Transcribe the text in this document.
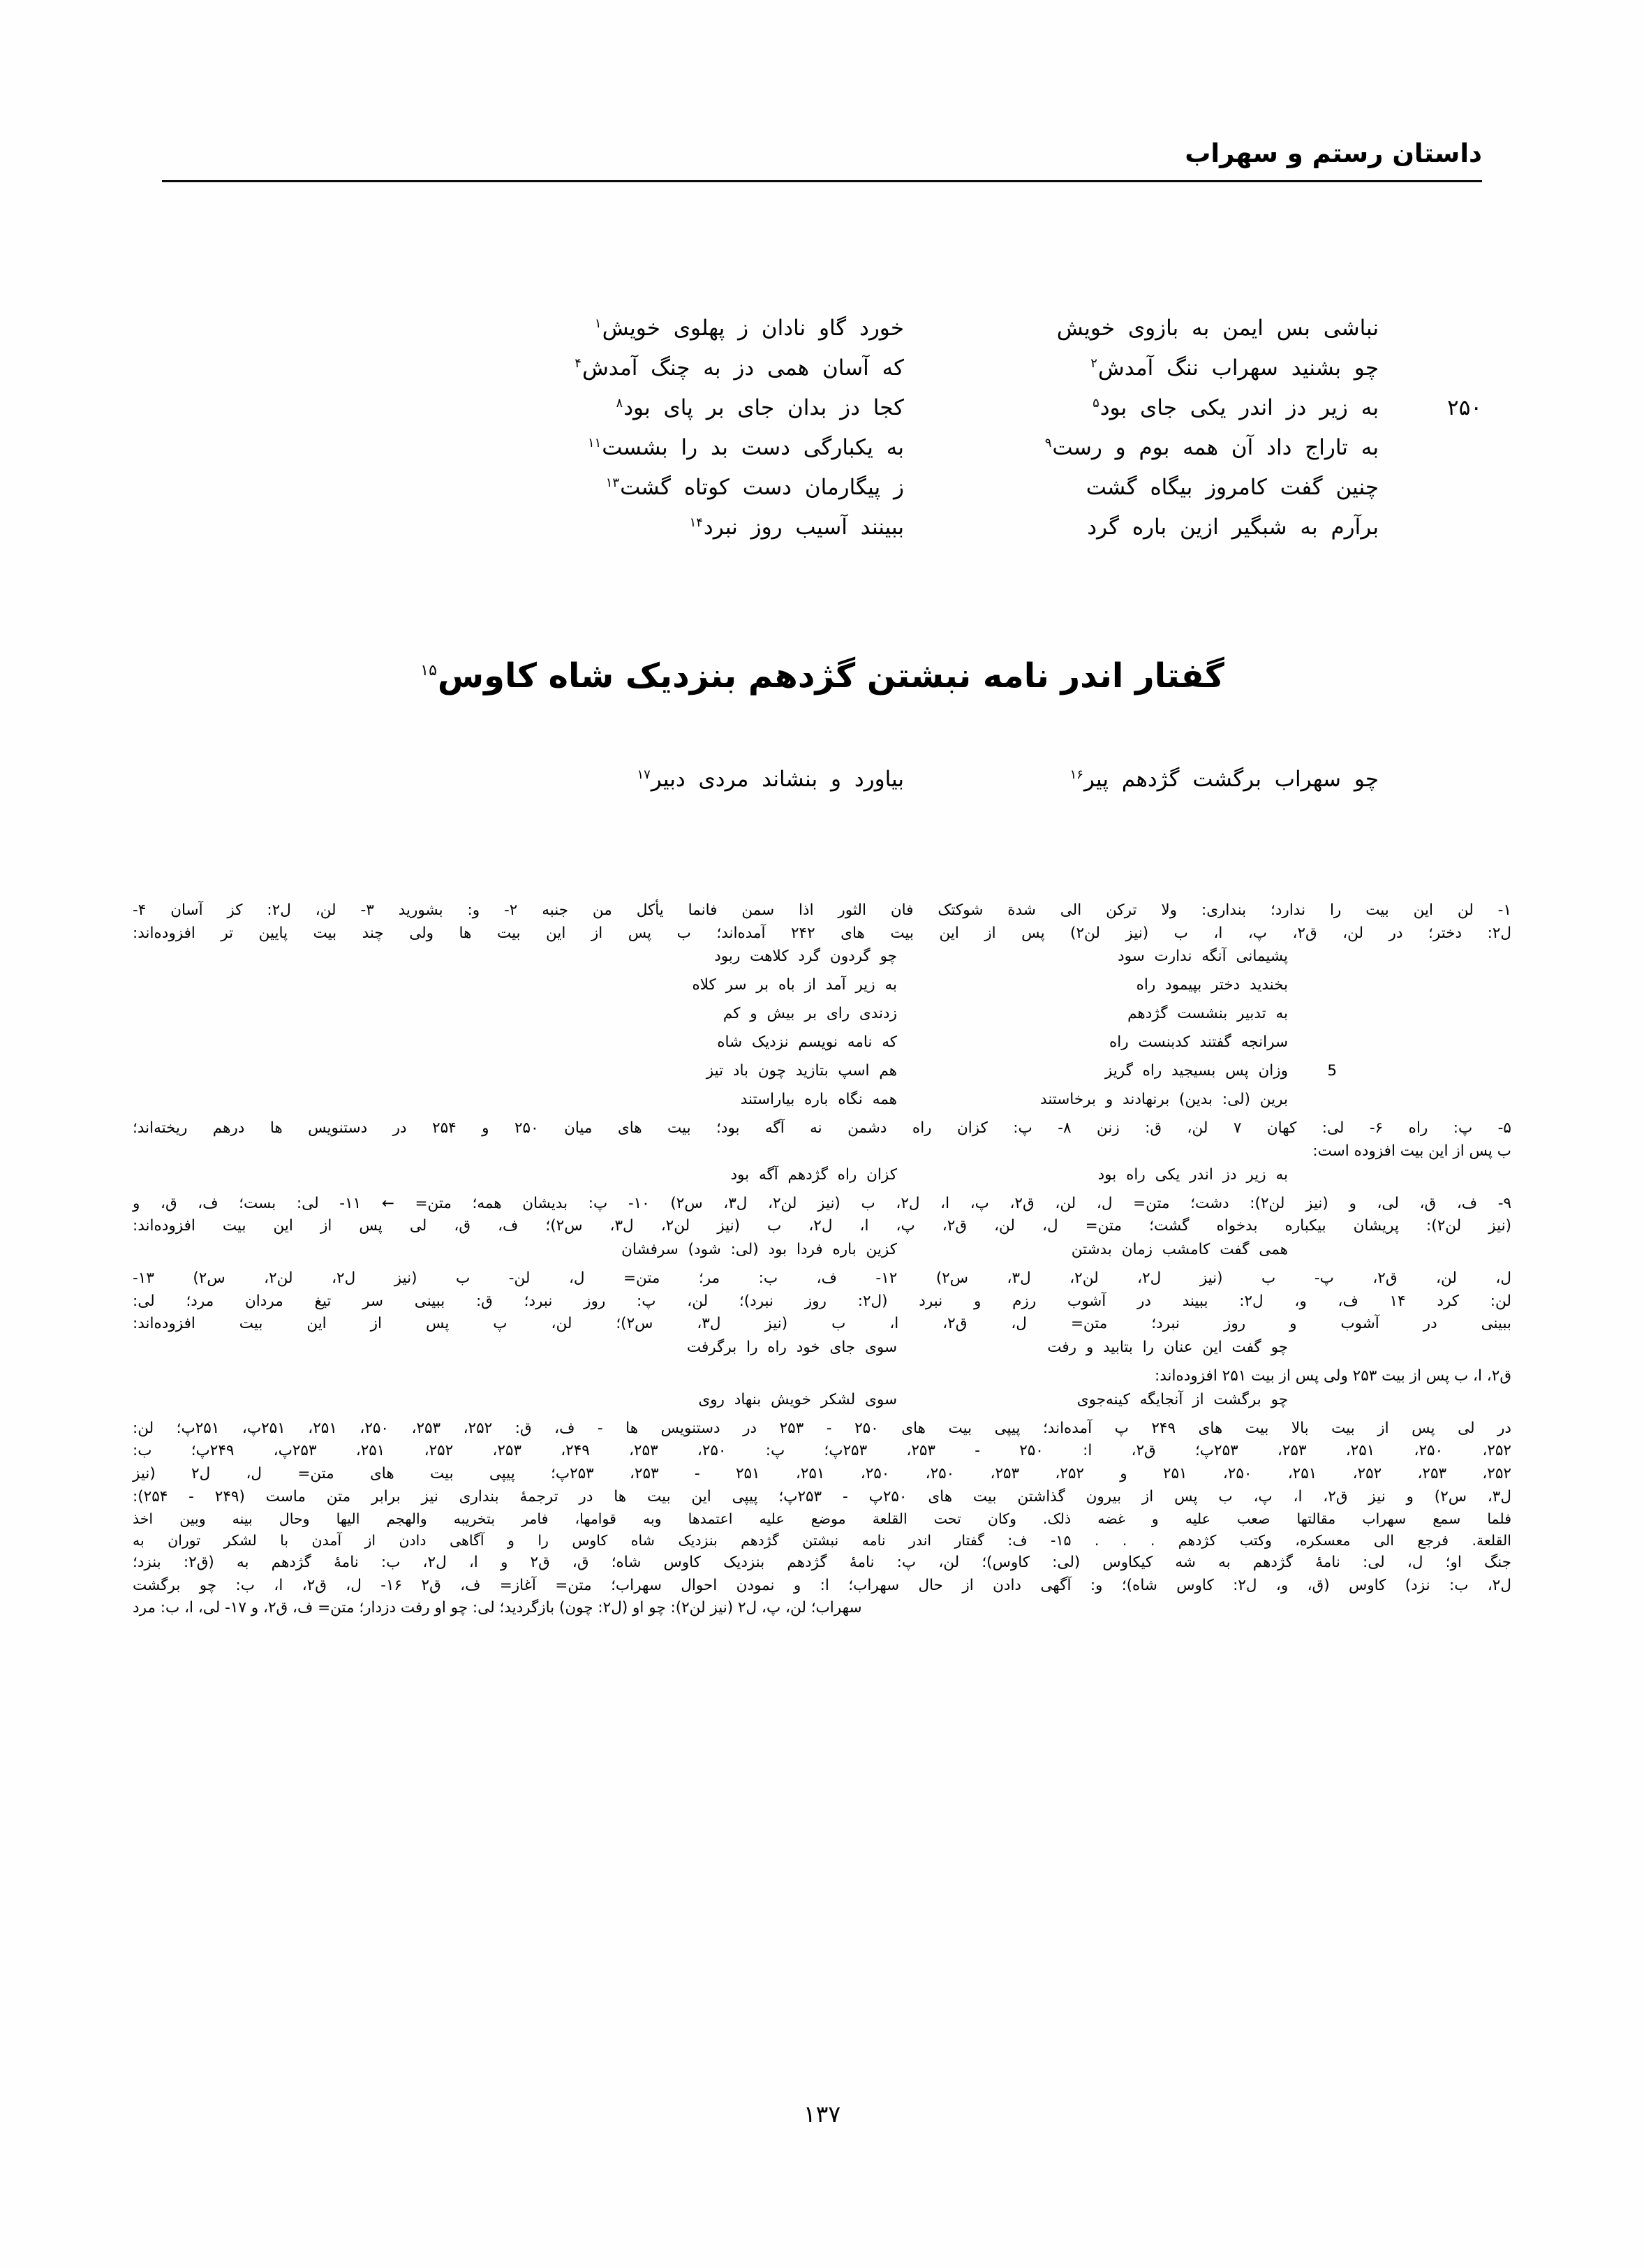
داستان رستم و سهراب
نباشی بس ایمن به بازوی خویش
خورد گاو نادان ز پهلوی خویش$^۱$
چو بشنید سهراب ننگ آمدش$^۲$
که آسان همی دز به چنگ آمدش$^۴$
۲۵۰
به زیر دز اندر یکی جای بود$^۵$
کجا دز بدان جای بر پای بود$^۸$
به تاراج داد آن همه بوم و رست$^۹$
به یکبارگی دست بد را بشست$^{۱۱}$
چنین گفت کامروز بیگاه گشت
ز پیگارمان دست کوتاه گشت$^{۱۳}$
برآرم به شبگیر ازین باره گرد
ببینند آسیب روز نبرد$^{۱۴}$
گفتار اندر نامه نبشتن گژدهم بنزدیک شاه کاوس$^{۱۵}$
چو سهراب برگشت گژدهم پیر$^{۱۶}$
بیاورد و بنشاند مردی دبیر$^{۱۷}$
۱- لن این بیت را ندارد؛ بنداری: ولا ترکن الی شدة شوکتک فان الثور اذا سمن فانما یأکل من جنبه ۲- و: بشورید ۳- لن، ل۲: کز آسان ۴-
ل۲: دختر؛ در لن، ق۲، پ، ا، ب (نیز لن۲) پس از این بیت های ۲۴۲ آمده‌اند؛ ب پس از این بیت ها ولی چند بیت پایین تر افزوده‌اند:
پشیمانی آنگه ندارت سود
چو گردون گرد کلاهت ربود
بخندید دختر بپیمود راه
به زیر آمد از باه بر سر کلاه
به تدبیر بنشست گژدهم
زدندی رای بر بیش و کم
سرانجه گفتند کدبنست راه
که نامه نویسم نزدیک شاه
5
وزان پس بسیجید راه گریز
هم اسپ بتازید چون باد تیز
برین (لی: بدین) برنهادند و برخاستند
همه نگاه باره بیاراستند
۵- پ: راه ۶- لی: کهان ۷ لن، ق: زنن ۸- پ: کزان راه دشمن نه آگه بود؛ بیت های میان ۲۵۰ و ۲۵۴ در دستنویس ها درهم ریخته‌اند؛
ب پس از این بیت افزوده است:
به زیر دز اندر یکی راه بود
کزان راه گژدهم آگه بود
۹- ف، ق، لی، و (نیز لن۲): دشت؛ متن= ل، لن، ق۲، پ، ا، ل۲، ب (نیز لن۲، ل۳، س۲) ۱۰- پ: بدیشان همه؛ متن= ← ۱۱- لی: بست؛ ف، ق، و
(نیز لن۲): پریشان بیکباره بدخواه گشت؛ متن= ل، لن، ق۲، پ، ا، ل۲، ب (نیز لن۲، ل۳، س۲)؛ ف، ق، لی پس از این بیت افزوده‌اند:
همی گفت کامشب زمان بدشتن
کزین باره فردا بود (لی: شود) سرفشان
ل، لن، ق۲، پ- ب (نیز ل۲، لن۲، ل۳، س۲) ۱۲- ف، ب: مر؛ متن= ل، لن- ب (نیز ل۲، لن۲، س۲) ۱۳-
لن: کرد ۱۴ ف، و، ل۲: ببیند در آشوب رزم و نبرد (ل۲: روز نبرد)؛ لن، پ: روز نبرد؛ ق: ببینی سر تیغ مردان مرد؛ لی:
ببینی در آشوب و روز نبرد؛ متن= ل، ق۲، ا، ب (نیز ل۳، س۲)؛ لن، پ پس از این بیت افزوده‌اند:
چو گفت این عنان را بتابید و رفت
سوی جای خود راه را برگرفت
ق۲، ا، ب پس از بیت ۲۵۳ ولی پس از بیت ۲۵۱ افزوده‌اند:
چو برگشت از آنجایگه کینه‌جوی
سوی لشکر خویش بنهاد روی
در لی پس از بیت بالا بیت های ۲۴۹ پ آمده‌اند؛ پیپی بیت های ۲۵۰ - ۲۵۳ در دستنویس ها - ف، ق: ۲۵۲، ۲۵۳، ۲۵۰، ۲۵۱، ۲۵۱پ، ۲۵۱پ؛ لن:
۲۵۲، ۲۵۰، ۲۵۱، ۲۵۳، ۲۵۳پ؛ ق۲، ا: ۲۵۰ - ۲۵۳، ۲۵۳پ؛ پ: ۲۵۰، ۲۵۳، ۲۴۹، ۲۵۳، ۲۵۲، ۲۵۱، ۲۵۳پ، ۲۴۹پ؛ ب:
۲۵۲، ۲۵۳، ۲۵۲، ۲۵۱، ۲۵۰، ۲۵۱ و ۲۵۲، ۲۵۳، ۲۵۰، ۲۵۰، ۲۵۱، ۲۵۱ - ۲۵۳، ۲۵۳پ؛ پیپی بیت های متن= ل، ل۲ (نیز
ل۳، س۲) و نیز ق۲، ا، پ، ب پس از بیرون گذاشتن بیت های ۲۵۰پ - ۲۵۳پ؛ پیپی این بیت ها در ترجمهٔ بنداری نیز برابر متن ماست (۲۴۹ - ۲۵۴):
فلما سمع سهراب مقالتها صعب علیه و غضه ذلک. وکان تحت القلعة موضع علیه اعتمدها وبه قوامها، فامر بتخریبه والهجم الیها وحال بینه وبین اخذ
القلعة. فرجع الی معسکره، وکتب کژدهم . . . ۱۵- ف: گفتار اندر نامه نبشتن گژدهم بنزدیک شاه کاوس را و آگاهی دادن از آمدن با لشکر توران به
جنگ او؛ ل، لی: نامهٔ گژدهم به شه کیکاوس (لی: کاوس)؛ لن، پ: نامهٔ گژدهم بنزدیک کاوس شاه؛ ق، ق۲ و ا، ل۲، ب: نامهٔ گژدهم به (ق۲: بنزد؛
ل۲، ب: نزد) کاوس (ق، و، ل۲: کاوس شاه)؛ و: آگهی دادن از حال سهراب؛ ا: و نمودن احوال سهراب؛ متن= آغاز= ف، ق۲ ۱۶- ل، ق۲، ا، ب: چو برگشت
سهراب؛ لن، پ، ل۲ (نیز لن۲): چو او (ل۲: چون) بازگردید؛ لی: چو او رفت دزدار؛ متن= ف، ق۲، و ۱۷- لی، ا، ب: مرد
۱۳۷
